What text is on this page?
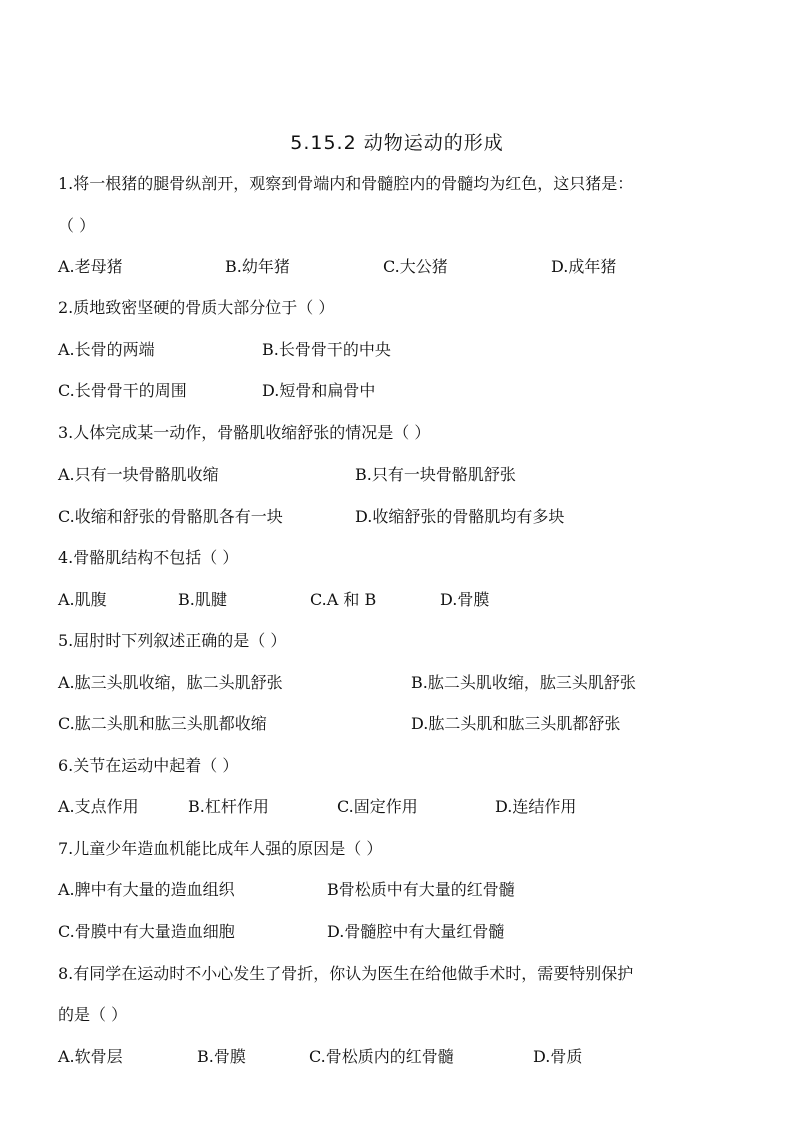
5.15.2 动物运动的形成
1.将一根猪的腿骨纵剖开，观察到骨端内和骨髓腔内的骨髓均为红色，这只猪是：
（ ）
A.老母猪	B.幼年猪	C.大公猪	D.成年猪
2.质地致密坚硬的骨质大部分位于（ ）
A.长骨的两端	B.长骨骨干的中央
C.长骨骨干的周围	D.短骨和扁骨中
3.人体完成某一动作，骨骼肌收缩舒张的情况是（ ）
A.只有一块骨骼肌收缩	B.只有一块骨骼肌舒张
C.收缩和舒张的骨骼肌各有一块	D.收缩舒张的骨骼肌均有多块
4.骨骼肌结构不包括（ ）
A.肌腹	B.肌腱	C.A 和 B	D.骨膜
5.屈肘时下列叙述正确的是（ ）
A.肱三头肌收缩，肱二头肌舒张	B.肱二头肌收缩，肱三头肌舒张
C.肱二头肌和肱三头肌都收缩	D.肱二头肌和肱三头肌都舒张
6.关节在运动中起着（ ）
A.支点作用	B.杠杆作用	C.固定作用	D.连结作用
7.儿童少年造血机能比成年人强的原因是（ ）
A.脾中有大量的造血组织	B骨松质中有大量的红骨髓
C.骨膜中有大量造血细胞	D.骨髓腔中有大量红骨髓
8.有同学在运动时不小心发生了骨折，你认为医生在给他做手术时，需要特别保护
的是（ ）
A.软骨层	B.骨膜	C.骨松质内的红骨髓	D.骨质
